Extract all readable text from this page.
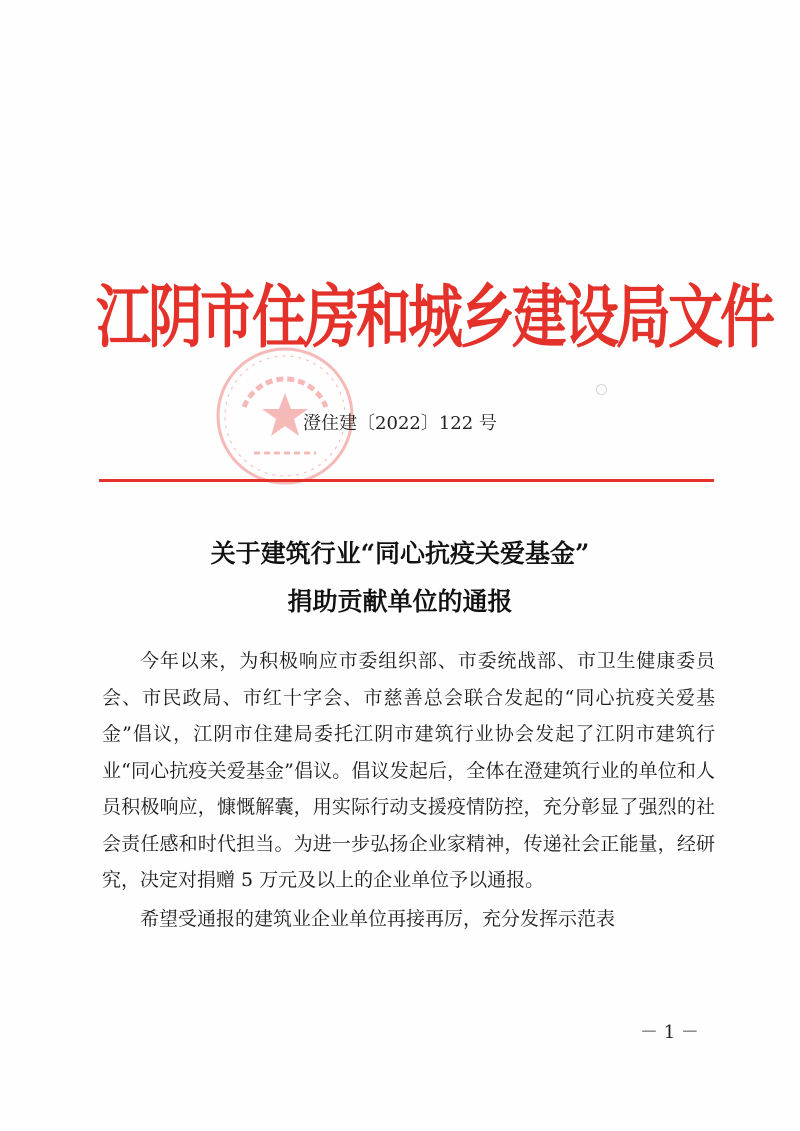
江阴市住房和城乡建设局文件
澄住建〔2022〕122 号
关于建筑行业“同心抗疫关爱基金”
捐助贡献单位的通报

今年以来，为积极响应市委组织部、市委统战部、市卫生健康委员会、市民政局、市红十字会、市慈善总会联合发起的“同心抗疫关爱基金”倡议，江阴市住建局委托江阴市建筑行业协会发起了江阴市建筑行业“同心抗疫关爱基金”倡议。倡议发起后，全体在澄建筑行业的单位和人员积极响应，慷慨解囊，用实际行动支援疫情防控，充分彰显了强烈的社会责任感和时代担当。为进一步弘扬企业家精神，传递社会正能量，经研究，决定对捐赠 5 万元及以上的企业单位予以通报。

希望受通报的建筑业企业单位再接再厉，充分发挥示范表

－ 1 －
